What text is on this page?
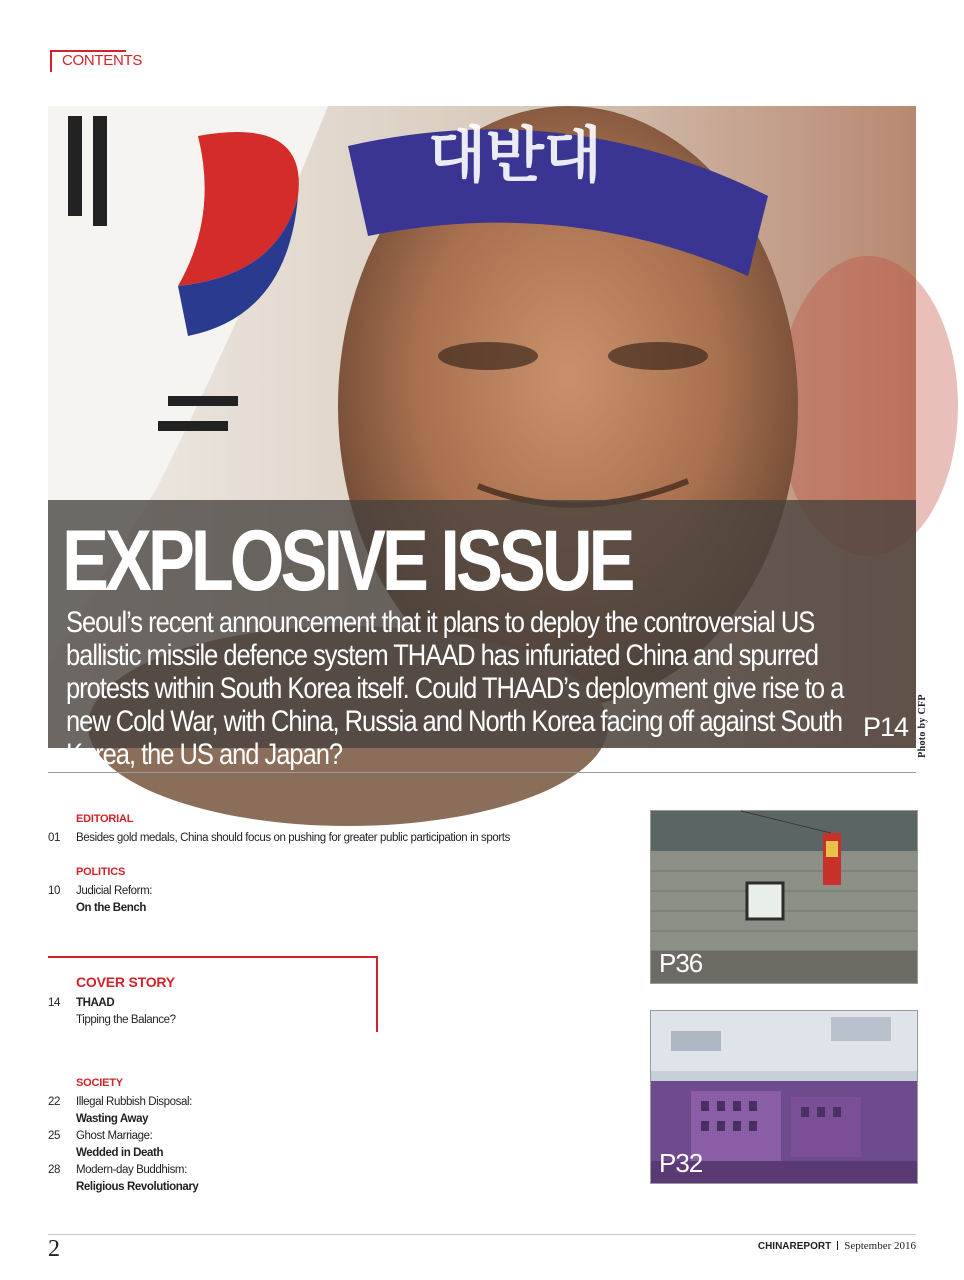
CONTENTS
대반대
EXPLOSIVE ISSUE

Seoul’s recent announcement that it plans to deploy the controversial US ballistic missile defence system THAAD has infuriated China and spurred protests within South Korea itself. Could THAAD’s deployment give rise to a new Cold War, with China, Russia and North Korea facing off against South Korea, the US and Japan?

P14 Photo by CFP
EDITORIAL
01	Besides gold medals, China should focus on pushing for greater public participation in sports
POLITICS
10	Judicial Reform:
On the Bench
COVER STORY
14	THAAD
Tipping the Balance?
SOCIETY
22	Illegal Rubbish Disposal:
Wasting Away
25	Ghost Marriage:
Wedded in Death
28	Modern-day Buddhism:
Religious Revolutionary
P36
P32
2	CHINAREPORT September 2016
